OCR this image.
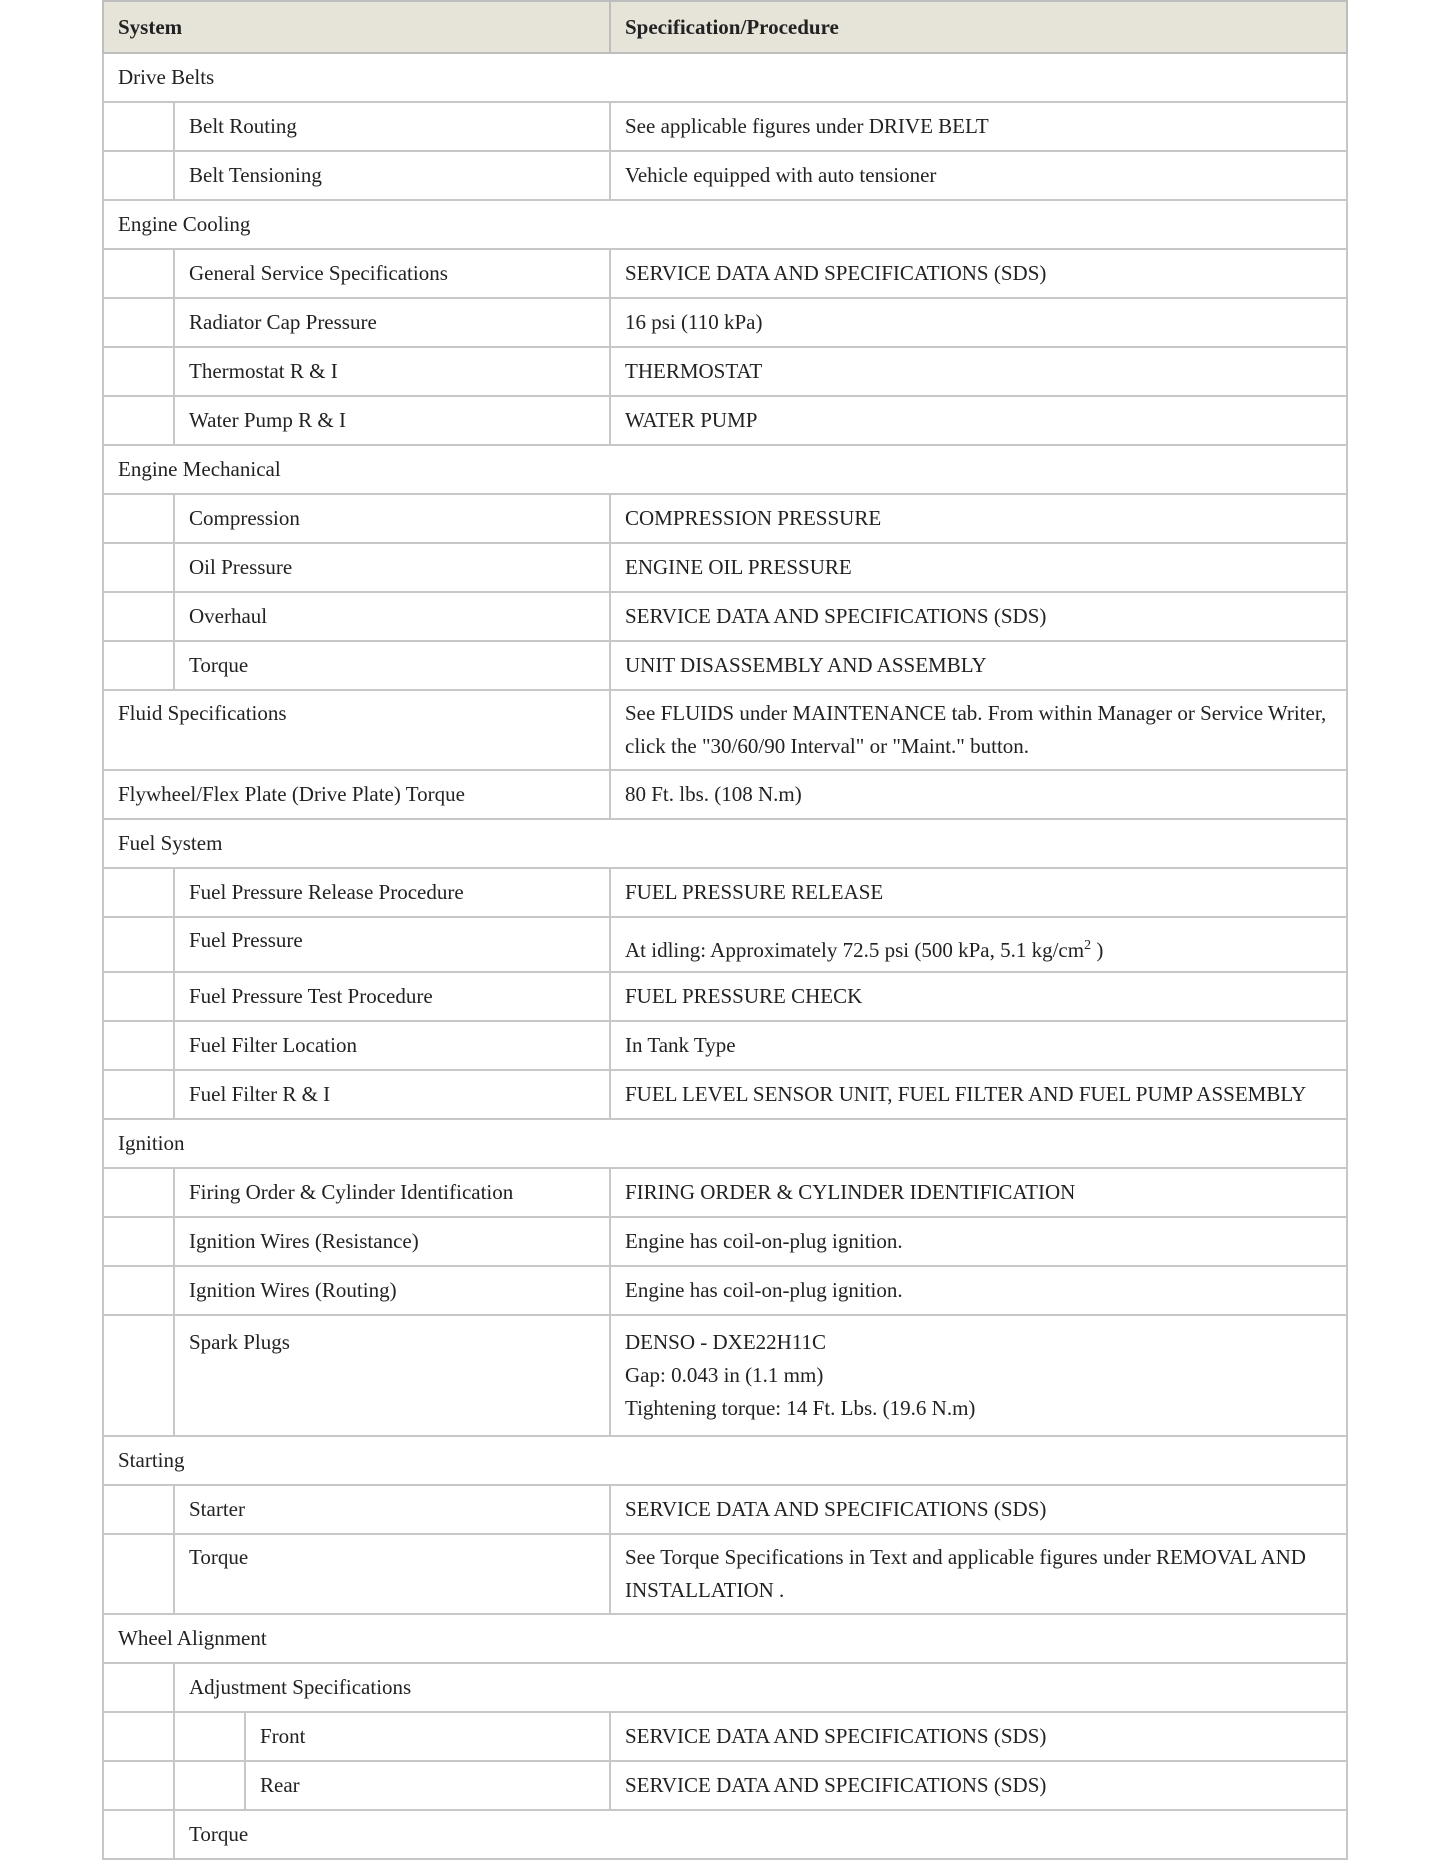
System			Specification/Procedure
Drive Belts			
	Belt Routing		See applicable figures under DRIVE BELT
	Belt Tensioning		Vehicle equipped with auto tensioner
Engine Cooling			
	General Service Specifications		SERVICE DATA AND SPECIFICATIONS (SDS)
	Radiator Cap Pressure		16 psi (110 kPa)
	Thermostat R & I		THERMOSTAT
	Water Pump R & I		WATER PUMP
Engine Mechanical			
	Compression		COMPRESSION PRESSURE
	Oil Pressure		ENGINE OIL PRESSURE
	Overhaul		SERVICE DATA AND SPECIFICATIONS (SDS)
	Torque		UNIT DISASSEMBLY AND ASSEMBLY
Fluid Specifications			See FLUIDS under MAINTENANCE tab. From within Manager or Service Writer, click the "30/60/90 Interval" or "Maint." button.
Flywheel/Flex Plate (Drive Plate) Torque			80 Ft. lbs. (108 N.m)
Fuel System			
	Fuel Pressure Release Procedure		FUEL PRESSURE RELEASE
	Fuel Pressure		At idling: Approximately 72.5 psi (500 kPa, 5.1 $kg/cm^2$ )
	Fuel Pressure Test Procedure		FUEL PRESSURE CHECK
	Fuel Filter Location		In Tank Type
	Fuel Filter R & I		FUEL LEVEL SENSOR UNIT, FUEL FILTER AND FUEL PUMP ASSEMBLY
Ignition			
	Firing Order & Cylinder Identification		FIRING ORDER & CYLINDER IDENTIFICATION
	Ignition Wires (Resistance)		Engine has coil-on-plug ignition.
	Ignition Wires (Routing)		Engine has coil-on-plug ignition.
	Spark Plugs		DENSO - DXE22H11C
Gap: 0.043 in (1.1 mm)
Tightening torque: 14 Ft. Lbs. (19.6 N.m)

Starting			
	Starter		SERVICE DATA AND SPECIFICATIONS (SDS)
	Torque		See Torque Specifications in Text and applicable figures under REMOVAL AND INSTALLATION .
Wheel Alignment			
	Adjustment Specifications		
		Front	SERVICE DATA AND SPECIFICATIONS (SDS)
		Rear	SERVICE DATA AND SPECIFICATIONS (SDS)
	Torque		
